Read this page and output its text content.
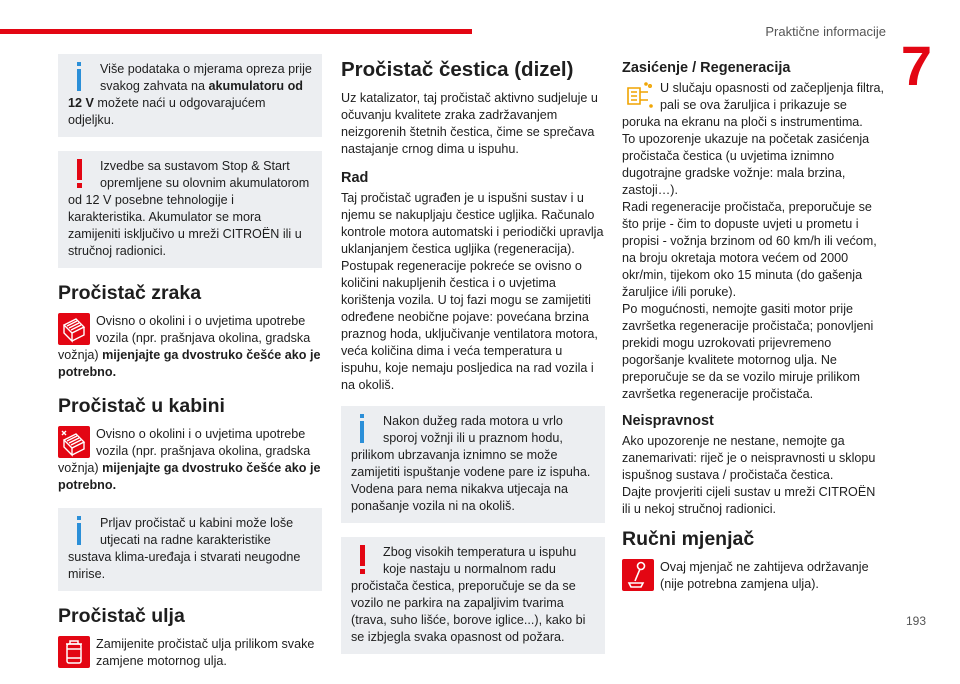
Praktične informacije
7
193

Više podataka o mjerama opreza prije svakog zahvata na akumulatoru od 12 V možete naći u odgovarajućem odjeljku.

Izvedbe sa sustavom Stop & Start opremljene su olovnim akumulatorom od 12 V posebne tehnologije i karakteristika. Akumulator se mora zamijeniti isključivo u mreži CITROËN ili u stručnoj radionici.

Pročistač zraka

Ovisno o okolini i o uvjetima upotrebe vozila (npr. prašnjava okolina, gradska vožnja) mijenjajte ga dvostruko češće ako je potrebno.

Pročistač u kabini

Ovisno o okolini i o uvjetima upotrebe vozila (npr. prašnjava okolina, gradska vožnja) mijenjajte ga dvostruko češće ako je potrebno.

Prljav pročistač u kabini može loše utjecati na radne karakteristike sustava klima-uređaja i stvarati neugodne mirise.

Pročistač ulja

Zamijenite pročistač ulja prilikom svake zamjene motornog ulja.

Pročistač čestica (dizel)

Uz katalizator, taj pročistač aktivno sudjeluje u očuvanju kvalitete zraka zadržavanjem neizgorenih štetnih čestica, čime se sprečava nastajanje crnog dima u ispuhu.

Rad

Taj pročistač ugrađen je u ispušni sustav i u njemu se nakupljaju čestice ugljika. Računalo kontrole motora automatski i periodički upravlja uklanjanjem čestica ugljika (regeneracija). Postupak regeneracije pokreće se ovisno o količini nakupljenih čestica i o uvjetima korištenja vozila. U toj fazi mogu se zamijetiti određene neobične pojave: povećana brzina praznog hoda, uključivanje ventilatora motora, veća količina dima i veća temperatura u ispuhu, koje nemaju posljedica na rad vozila i na okoliš.

Nakon dužeg rada motora u vrlo sporoj vožnji ili u praznom hodu, prilikom ubrzavanja iznimno se može zamijetiti ispuštanje vodene pare iz ispuha. Vodena para nema nikakva utjecaja na ponašanje vozila ni na okoliš.

Zbog visokih temperatura u ispuhu koje nastaju u normalnom radu pročistača čestica, preporučuje se da se vozilo ne parkira na zapaljivim tvarima (trava, suho lišće, borove iglice...), kako bi se izbjegla svaka opasnost od požara.

Zasićenje / Regeneracija

U slučaju opasnosti od začepljenja filtra, pali se ova žaruljica i prikazuje se poruka na ekranu na ploči s instrumentima.
To upozorenje ukazuje na početak zasićenja pročistača čestica (u uvjetima iznimno dugotrajne gradske vožnje: mala brzina, zastoji…).
Radi regeneracije pročistača, preporučuje se što prije - čim to dopuste uvjeti u prometu i propisi - vožnja brzinom od 60 km/h ili većom, na broju okretaja motora većem od 2000 okr/min, tijekom oko 15 minuta (do gašenja žaruljice i/ili poruke).
Po mogućnosti, nemojte gasiti motor prije završetka regeneracije pročistača; ponovljeni prekidi mogu uzrokovati prijevremeno pogoršanje kvalitete motornog ulja. Ne preporučuje se da se vozilo miruje prilikom završetka regeneracije pročistača.

Neispravnost

Ako upozorenje ne nestane, nemojte ga zanemarivati: riječ je o neispravnosti u sklopu ispušnog sustava / pročistača čestica.
Dajte provjeriti cijeli sustav u mreži CITROËN ili u nekoj stručnoj radionici.

Ručni mjenjač

Ovaj mjenjač ne zahtijeva održavanje (nije potrebna zamjena ulja).
